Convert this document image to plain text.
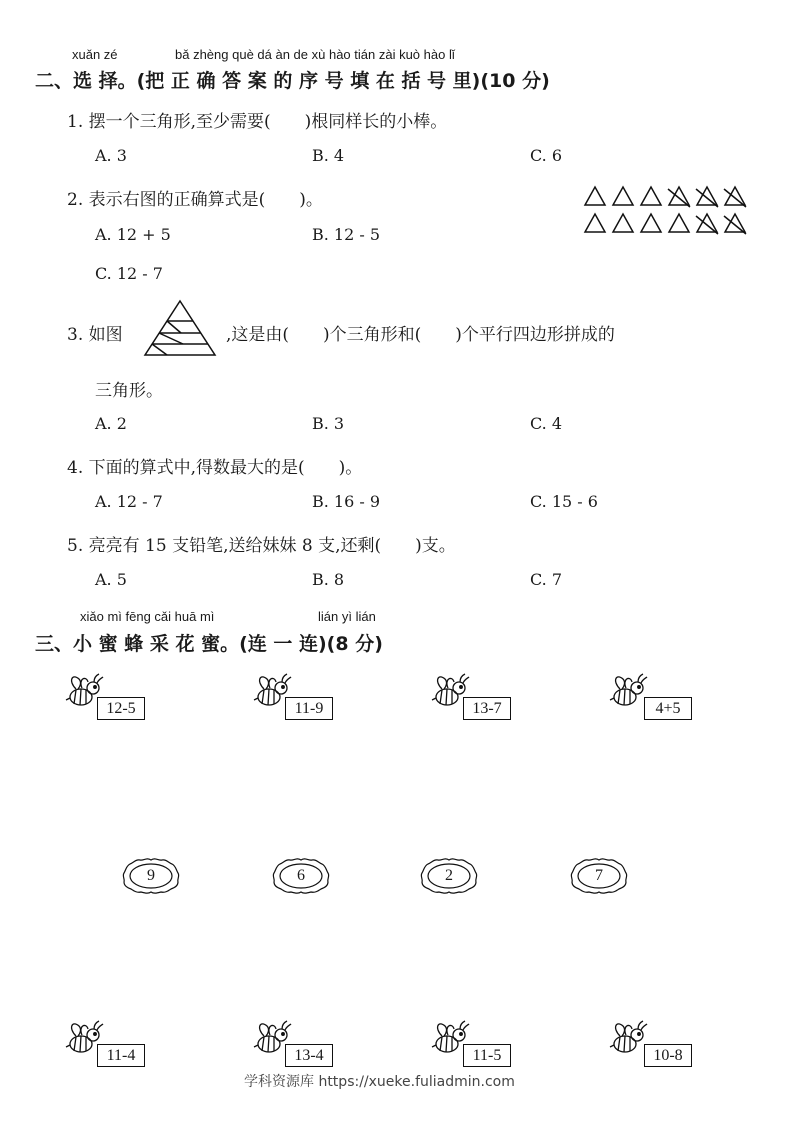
xuǎn zé	bǎ zhèng què dá àn de xù hào tián zài kuò hào lǐ
二、选 择。(把 正 确 答 案 的 序 号 填 在 括 号 里)(10 分)
1. 摆一个三角形,至少需要(　　)根同样长的小棒。
A. 3	B. 4	C. 6
2. 表示右图的正确算式是(　　)。
A. 12 + 5	B. 12 - 5
C. 12 - 7
3. 如图	,这是由(　　)个三角形和(　　)个平行四边形拼成的
三角形。
A. 2	B. 3	C. 4
4. 下面的算式中,得数最大的是(　　)。
A. 12 - 7	B. 16 - 9	C. 15 - 6
5. 亮亮有 15 支铅笔,送给妹妹 8 支,还剩(　　)支。
A. 5	B. 8	C. 7
xiǎo mì fēng cǎi huā mì	lián yì lián
三、小 蜜 蜂 采 花 蜜。(连 一 连)(8 分)
12-5	11-9	13-7	4+5
9	6	2	7
11-4	13-4	11-5	10-8
学科资源库 https://xueke.fuliadmin.com
